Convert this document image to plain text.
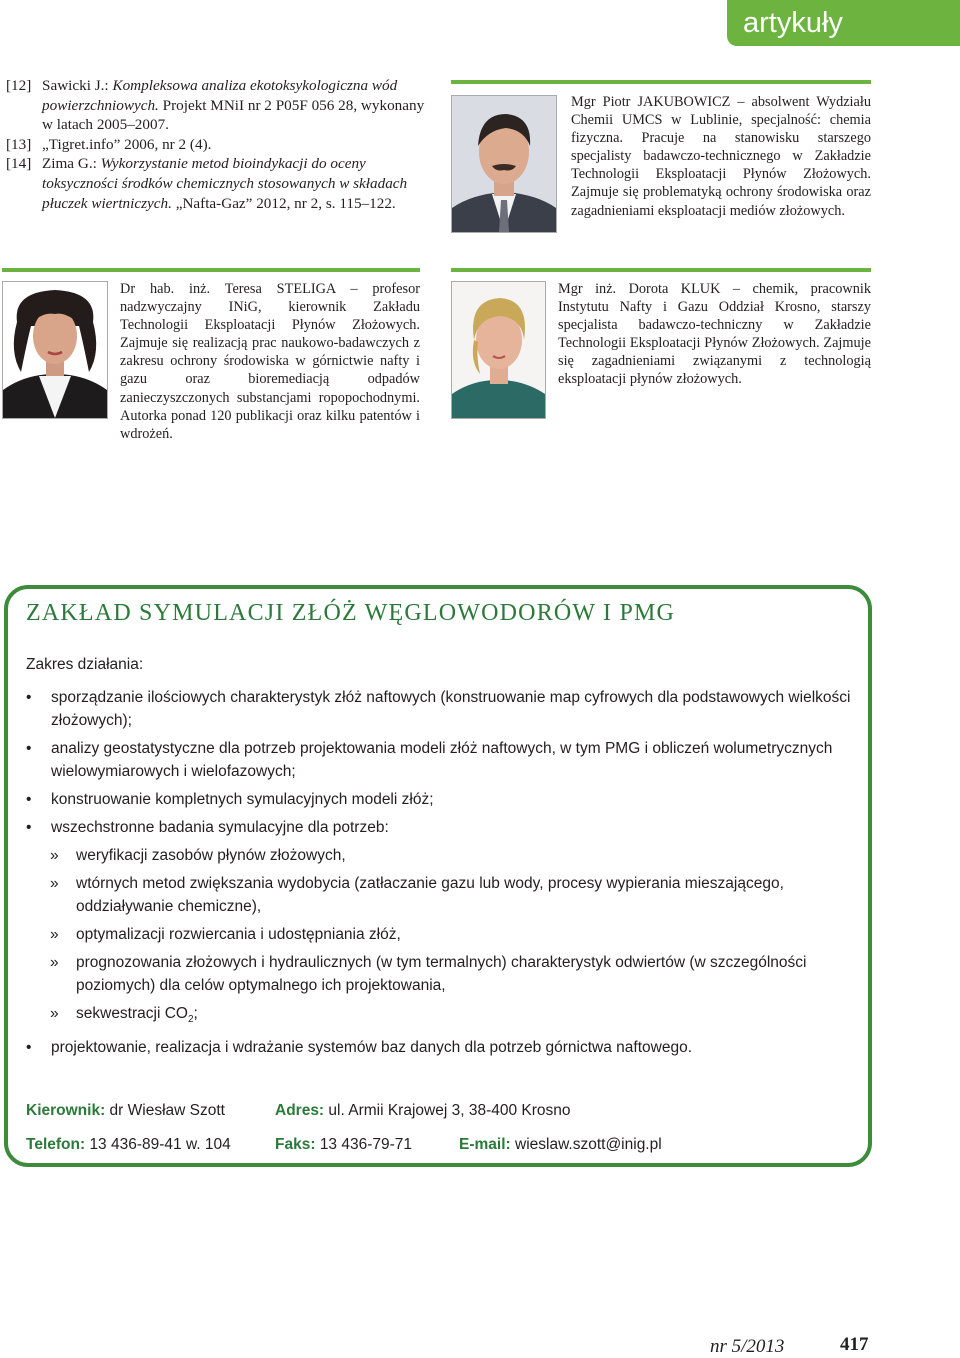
artykuły
[12] Sawicki J.: Kompleksowa analiza ekotoksykologiczna wód powierzchniowych. Projekt MNiI nr 2 P05F 056 28, wykonany w latach 2005–2007.
[13] „Tigret.info” 2006, nr 2 (4).
[14] Zima G.: Wykorzystanie metod bioindykacji do oceny toksyczności środków chemicznych stosowanych w składach płuczek wiertniczych. „Nafta-Gaz” 2012, nr 2, s. 115–122.
Mgr Piotr JAKUBOWICZ – absolwent Wydziału Chemii UMCS w Lublinie, specjalność: chemia fizyczna. Pracuje na stanowisku starszego specjalisty badawczo-technicznego w Zakładzie Technologii Eksploatacji Płynów Złożowych. Zajmuje się problematyką ochrony środowiska oraz zagadnieniami eksploatacji mediów złożowych.
Dr hab. inż. Teresa STELIGA – profesor nadzwyczajny INiG, kierownik Zakładu Technologii Eksploatacji Płynów Złożowych. Zajmuje się realizacją prac naukowo-badawczych z zakresu ochrony środowiska w górnictwie nafty i gazu oraz bioremediacją odpadów zanieczyszczonych substancjami ropopochodnymi. Autorka ponad 120 publikacji oraz kilku patentów i wdrożeń.
Mgr inż. Dorota KLUK – chemik, pracownik Instytutu Nafty i Gazu Oddział Krosno, starszy specjalista badawczo-techniczny w Zakładzie Technologii Eksploatacji Płynów Złożowych. Zajmuje się zagadnieniami związanymi z technologią eksploatacji płynów złożowych.
ZAKŁAD SYMULACJI ZŁÓŻ WĘGLOWODORÓW I PMG
Zakres działania:
• sporządzanie ilościowych charakterystyk złóż naftowych (konstruowanie map cyfrowych dla podstawowych wielkości złożowych);
• analizy geostatystyczne dla potrzeb projektowania modeli złóż naftowych, w tym PMG i obliczeń wolumetrycznych wielowymiarowych i wielofazowych;
• konstruowanie kompletnych symulacyjnych modeli złóż;
• wszechstronne badania symulacyjne dla potrzeb:
» weryfikacji zasobów płynów złożowych,
» wtórnych metod zwiększania wydobycia (zatłaczanie gazu lub wody, procesy wypierania mieszającego, oddziaływanie chemiczne),
» optymalizacji rozwiercania i udostępniania złóż,
» prognozowania złożowych i hydraulicznych (w tym termalnych) charakterystyk odwiertów (w szczególności poziomych) dla celów optymalnego ich projektowania,
» sekwestracji $CO_2$;
• projektowanie, realizacja i wdrażanie systemów baz danych dla potrzeb górnictwa naftowego.
Kierownik: dr Wiesław Szott	Adres: ul. Armii Krajowej 3, 38-400 Krosno
Telefon: 13 436-89-41 w. 104	Faks: 13 436-79-71	E-mail: wieslaw.szott@inig.pl
nr 5/2013	417
